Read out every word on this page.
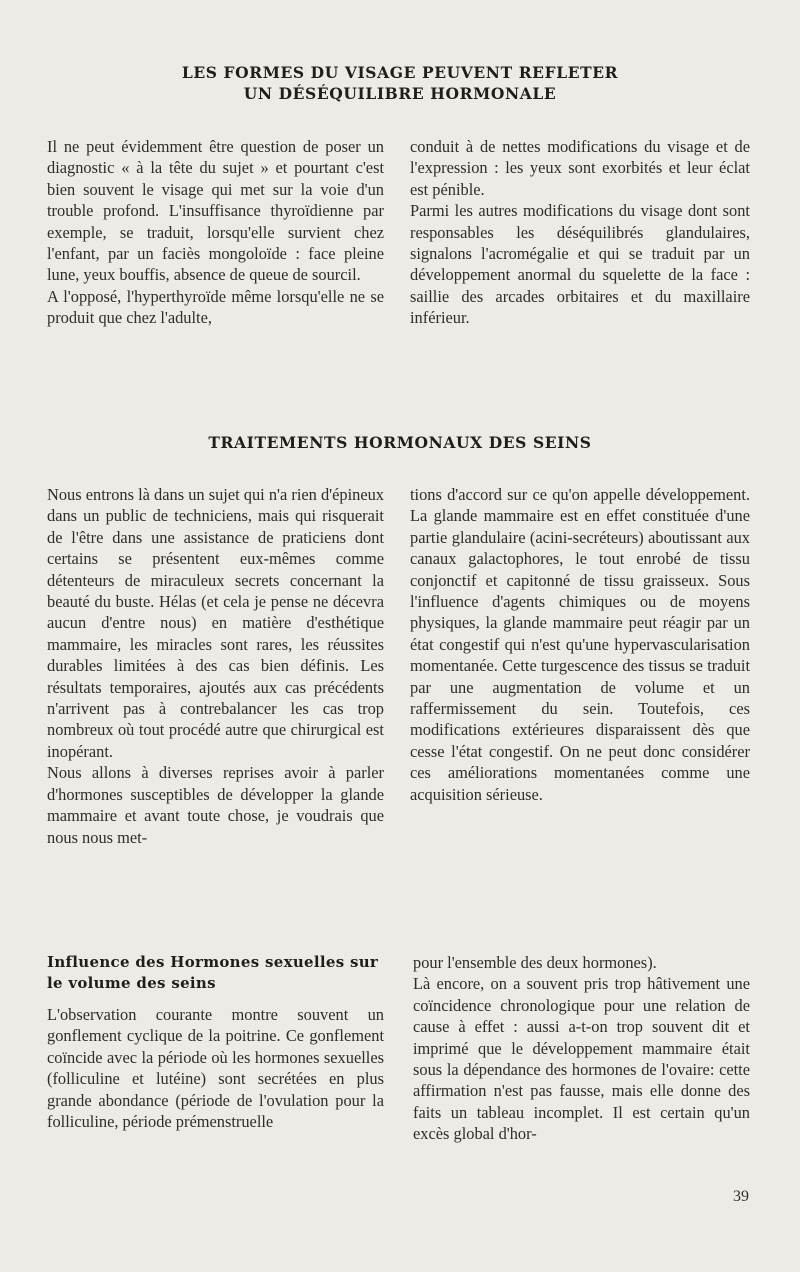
LES FORMES DU VISAGE PEUVENT REFLETER
UN DÉSÉQUILIBRE HORMONALE

Il ne peut évidemment être question de poser un diagnostic « à la tête du sujet » et pourtant c'est bien souvent le visage qui met sur la voie d'un trouble profond. L'insuffisance thyroïdienne par exemple, se traduit, lorsqu'elle survient chez l'enfant, par un faciès mongoloïde : face pleine lune, yeux bouffis, absence de queue de sourcil.

A l'opposé, l'hyperthyroïde même lorsqu'elle ne se produit que chez l'adulte,

conduit à de nettes modifications du visage et de l'expression : les yeux sont exorbités et leur éclat est pénible.

Parmi les autres modifications du visage dont sont responsables les déséquilibrés glandulaires, signalons l'acromégalie et qui se traduit par un développement anormal du squelette de la face : saillie des arcades orbitaires et du maxillaire inférieur.

TRAITEMENTS HORMONAUX DES SEINS

Nous entrons là dans un sujet qui n'a rien d'épineux dans un public de techniciens, mais qui risquerait de l'être dans une assistance de praticiens dont certains se présentent eux-mêmes comme détenteurs de miraculeux secrets concernant la beauté du buste. Hélas (et cela je pense ne décevra aucun d'entre nous) en matière d'esthétique mammaire, les miracles sont rares, les réussites durables limitées à des cas bien définis. Les résultats temporaires, ajoutés aux cas précédents n'arrivent pas à contrebalancer les cas trop nombreux où tout procédé autre que chirurgical est inopérant.

Nous allons à diverses reprises avoir à parler d'hormones susceptibles de développer la glande mammaire et avant toute chose, je voudrais que nous nous met-

tions d'accord sur ce qu'on appelle développement. La glande mammaire est en effet constituée d'une partie glandulaire (acini-secréteurs) aboutissant aux canaux galactophores, le tout enrobé de tissu conjonctif et capitonné de tissu graisseux. Sous l'influence d'agents chimiques ou de moyens physiques, la glande mammaire peut réagir par un état congestif qui n'est qu'une hypervascularisation momentanée. Cette turgescence des tissus se traduit par une augmentation de volume et un raffermissement du sein. Toutefois, ces modifications extérieures disparaissent dès que cesse l'état congestif. On ne peut donc considérer ces améliorations momentanées comme une acquisition sérieuse.

Influence des Hormones sexuelles sur le volume des seins

L'observation courante montre souvent un gonflement cyclique de la poitrine. Ce gonflement coïncide avec la période où les hormones sexuelles (folliculine et lutéine) sont secrétées en plus grande abondance (période de l'ovulation pour la folliculine, période prémenstruelle

pour l'ensemble des deux hormones).

Là encore, on a souvent pris trop hâtivement une coïncidence chronologique pour une relation de cause à effet : aussi a-t-on trop souvent dit et imprimé que le développement mammaire était sous la dépendance des hormones de l'ovaire: cette affirmation n'est pas fausse, mais elle donne des faits un tableau incomplet. Il est certain qu'un excès global d'hor-

39
